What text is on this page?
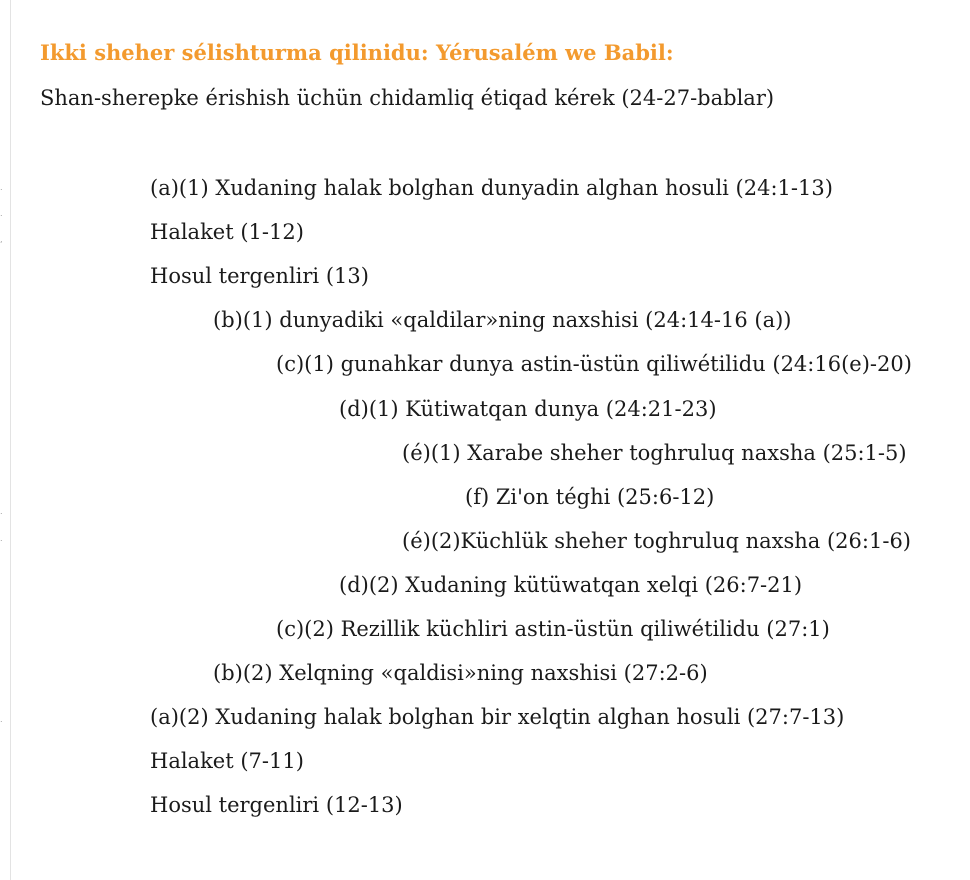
.
.
,
.
.
.
Ikki sheher sélishturma qilinidu: Yérusalém we Babil:
Shan-sherepke érishish üchün chidamliq étiqad kérek (24-27-bablar)
(a)(1) Xudaning halak bolghan dunyadin alghan hosuli (24:1-13)
Halaket (1-12)
Hosul tergenliri (13)
(b)(1) dunyadiki «qaldilar»ning naxshisi (24:14-16 (a))
(c)(1) gunahkar dunya astin-üstün qiliwétilidu (24:16(e)-20)
(d)(1) Kütiwatqan dunya (24:21-23)
(é)(1) Xarabe sheher toghruluq naxsha (25:1-5)
(f) Zi'on téghi (25:6-12)
(é)(2)Küchlük sheher toghruluq naxsha (26:1-6)
(d)(2) Xudaning kütüwatqan xelqi (26:7-21)
(c)(2) Rezillik küchliri astin-üstün qiliwétilidu (27:1)
(b)(2) Xelqning «qaldisi»ning naxshisi (27:2-6)
(a)(2) Xudaning halak bolghan bir xelqtin alghan hosuli (27:7-13)
Halaket (7-11)
Hosul tergenliri (12-13)
